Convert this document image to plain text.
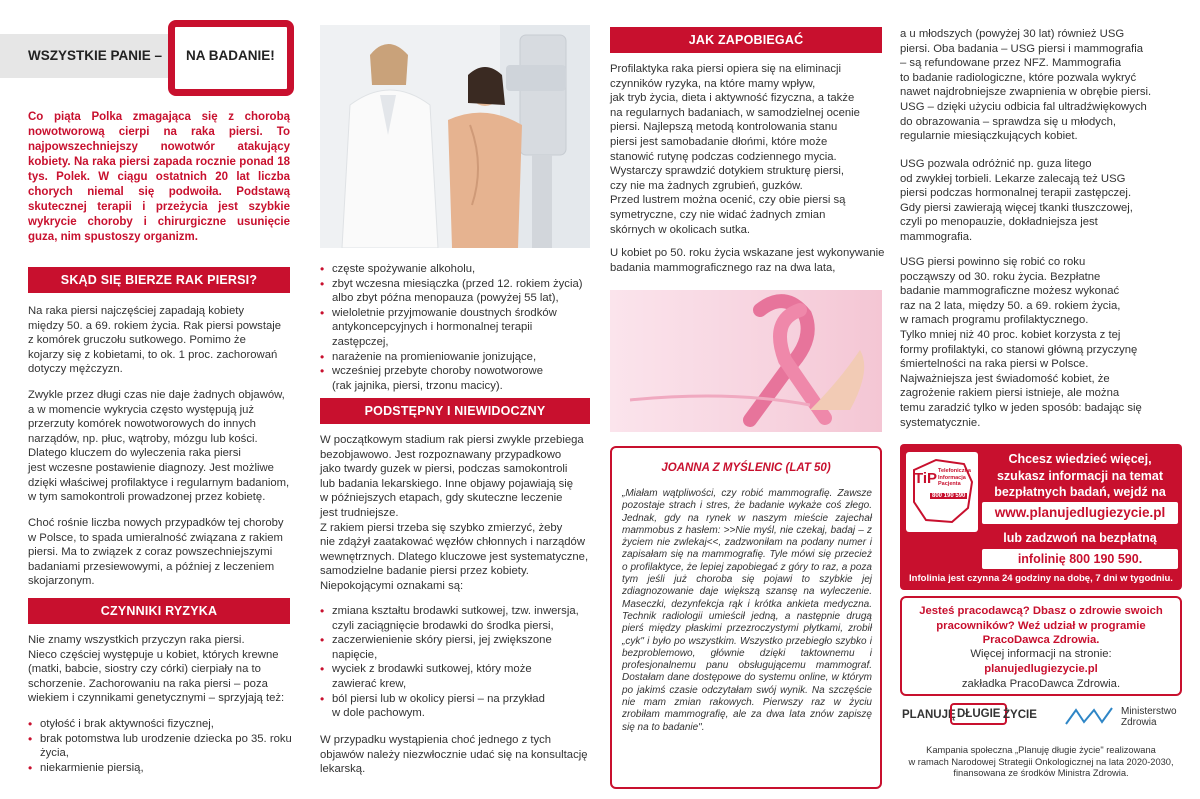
WSZYSTKIE PANIE – NA BADANIE!
Co piąta Polka zmagająca się z chorobą nowotworową cierpi na raka piersi. To najpowszechniejszy nowotwór atakujący kobiety. Na raka piersi zapada rocznie ponad 18 tys. Polek. W ciągu ostatnich 20 lat liczba chorych niemal się podwoiła. Podstawą skutecznej terapii i przeżycia jest szybkie wykrycie choroby i chirurgiczne usunięcie guza, nim spustoszy organizm.
SKĄD SIĘ BIERZE RAK PIERSI?
Na raka piersi najczęściej zapadają kobiety
między 50. a 69. rokiem życia. Rak piersi powstaje
z komórek gruczołu sutkowego. Pomimo że
kojarzy się z kobietami, to ok. 1 proc. zachorowań
dotyczy mężczyzn.
Zwykle przez długi czas nie daje żadnych objawów,
a w momencie wykrycia często występują już
przerzuty komórek nowotworowych do innych
narządów, np. płuc, wątroby, mózgu lub kości.
Dlatego kluczem do wyleczenia raka piersi
jest wczesne postawienie diagnozy. Jest możliwe
dzięki właściwej profilaktyce i regularnym badaniom,
w tym samokontroli prowadzonej przez kobietę.
Choć rośnie liczba nowych przypadków tej choroby
w Polsce, to spada umieralność związana z rakiem
piersi. Ma to związek z coraz powszechniejszymi
badaniami przesiewowymi, a później z leczeniem
skojarzonym.
CZYNNIKI RYZYKA
Nie znamy wszystkich przyczyn raka piersi.
Nieco częściej występuje u kobiet, których krewne
(matki, babcie, siostry czy córki) cierpiały na to
schorzenie. Zachorowaniu na raka piersi – poza
wiekiem i czynnikami genetycznymi – sprzyjają też:
• otyłość i brak aktywności fizycznej,
• brak potomstwa lub urodzenie dziecka po 35. roku
życia,
• niekarmienie piersią,
• częste spożywanie alkoholu,
• zbyt wczesna miesiączka (przed 12. rokiem życia)
albo zbyt późna menopauza (powyżej 55 lat),
• wieloletnie przyjmowanie doustnych środków
antykoncepcyjnych i hormonalnej terapii
zastępczej,
• narażenie na promieniowanie jonizujące,
• wcześniej przebyte choroby nowotworowe
(rak jajnika, piersi, trzonu macicy).
PODSTĘPNY I NIEWIDOCZNY
W początkowym stadium rak piersi zwykle przebiega
bezobjawowo. Jest rozpoznawany przypadkowo
jako twardy guzek w piersi, podczas samokontroli
lub badania lekarskiego. Inne objawy pojawiają się
w późniejszych etapach, gdy skuteczne leczenie
jest trudniejsze.
Z rakiem piersi trzeba się szybko zmierzyć, żeby
nie zdążył zaatakować węzłów chłonnych i narządów
wewnętrznych. Dlatego kluczowe jest systematyczne,
samodzielne badanie piersi przez kobiety.
Niepokojącymi oznakami są:
• zmiana kształtu brodawki sutkowej, tzw. inwersja,
czyli zaciągnięcie brodawki do środka piersi,
• zaczerwienienie skóry piersi, jej zwiększone
napięcie,
• wyciek z brodawki sutkowej, który może
zawierać krew,
• ból piersi lub w okolicy piersi – na przykład
w dole pachowym.
W przypadku wystąpienia choć jednego z tych
objawów należy niezwłocznie udać się na konsultację
lekarską.
JAK ZAPOBIEGAĆ
Profilaktyka raka piersi opiera się na eliminacji
czynników ryzyka, na które mamy wpływ,
jak tryb życia, dieta i aktywność fizyczna, a także
na regularnych badaniach, w samodzielnej ocenie
piersi. Najlepszą metodą kontrolowania stanu
piersi jest samobadanie dłońmi, które może
stanowić rutynę podczas codziennego mycia.
Wystarczy sprawdzić dotykiem strukturę piersi,
czy nie ma żadnych zgrubień, guzków.
Przed lustrem można ocenić, czy obie piersi są
symetryczne, czy nie widać żadnych zmian
skórnych w okolicach sutka.
U kobiet po 50. roku życia wskazane jest wykonywanie
badania mammograficznego raz na dwa lata,
JOANNA Z MYŚLENIC (LAT 50)
„Miałam wątpliwości, czy robić mammografię. Zawsze pozostaje strach i stres, że badanie wykaże coś złego. Jednak, gdy na rynek w naszym mieście zajechał mammobus z hasłem: >>Nie myśl, nie czekaj, badaj – z życiem nie zwlekaj<<, zadzwoniłam na podany numer i zapisałam się na mammografię. Tyle mówi się przecież o profilaktyce, że lepiej zapobiegać z góry to raz, a poza tym jeśli już choroba się pojawi to szybkie jej zdiagnozowanie daje większą szansę na wyleczenie. Maseczki, dezynfekcja rąk i krótka ankieta medyczna. Technik radiologii umieścił jedną, a następnie drugą pierś między płaskimi przezroczystymi płytkami, zrobił „cyk" i było po wszystkim. Wszystko przebiegło szybko i bezproblemowo, głównie dzięki taktownemu i profesjonalnemu panu obsługującemu mammograf. Dostałam dane dostępowe do systemu online, w którym po jakimś czasie odczytałam swój wynik. Na szczęście nie mam zmian rakowych. Pierwszy raz w życiu zrobiłam mammografię, ale za dwa lata znów zapiszę się na to badanie".
a u młodszych (powyżej 30 lat) również USG
piersi. Oba badania – USG piersi i mammografia
– są refundowane przez NFZ. Mammografia
to badanie radiologiczne, które pozwala wykryć
nawet najdrobniejsze zwapnienia w obrębie piersi.
USG – dzięki użyciu odbicia fal ultradźwiękowych
do obrazowania – sprawdza się u młodych,
regularnie miesiączkujących kobiet.
USG pozwala odróżnić np. guza litego
od zwykłej torbieli. Lekarze zalecają też USG
piersi podczas hormonalnej terapii zastępczej.
Gdy piersi zawierają więcej tkanki tłuszczowej,
czyli po menopauzie, dokładniejsza jest
mammografia.
USG piersi powinno się robić co roku
począwszy od 30. roku życia. Bezpłatne
badanie mammograficzne możesz wykonać
raz na 2 lata, między 50. a 69. rokiem życia,
w ramach programu profilaktycznego.
Tylko mniej niż 40 proc. kobiet korzysta z tej
formy profilaktyki, co stanowi główną przyczynę
śmiertelności na raka piersi w Polsce.
Najważniejsza jest świadomość kobiet, że
zagrożenie rakiem piersi istnieje, ale można
temu zaradzić tylko w jeden sposób: badając się
systematycznie.
TiP Telefoniczna
Informacja
Pacjenta
800 190 590
Chcesz wiedzieć więcej,
szukasz informacji na temat
bezpłatnych badań, wejdź na
www.planujedlugiezycie.pl
lub zadzwoń na bezpłatną
infolinię 800 190 590.
Infolinia jest czynna 24 godziny na dobę, 7 dni w tygodniu.
Jesteś pracodawcą? Dbasz o zdrowie swoich
pracowników? Weź udział w programie
PracoDawca Zdrowia.
Więcej informacji na stronie:
planujedlugiezycie.pl
zakładka PracoDawca Zdrowia.
PLANUJĘ DŁUGIE ŻYCIE	Ministerstwo
Zdrowia
Kampania społeczna „Planuję długie życie" realizowana
w ramach Narodowej Strategii Onkologicznej na lata 2020-2030,
finansowana ze środków Ministra Zdrowia.
